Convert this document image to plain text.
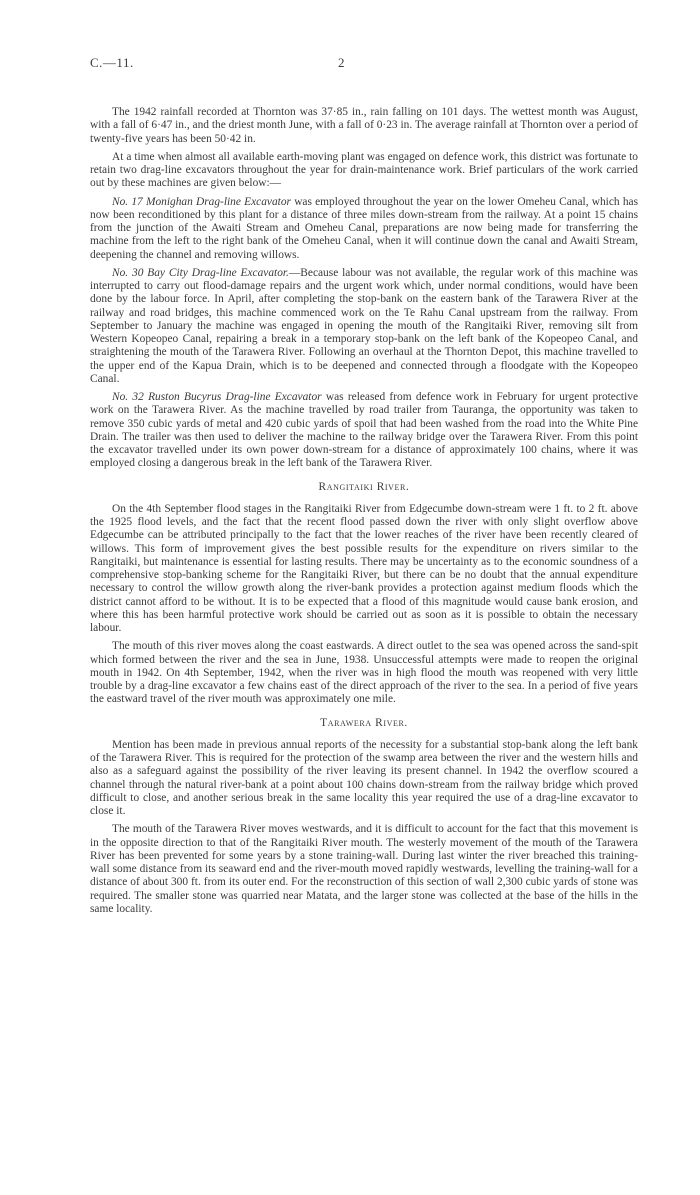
C.—11.	2

The 1942 rainfall recorded at Thornton was 37·85 in., rain falling on 101 days. The wettest month was August, with a fall of 6·47 in., and the driest month June, with a fall of 0·23 in. The average rainfall at Thornton over a period of twenty-five years has been 50·42 in.

At a time when almost all available earth-moving plant was engaged on defence work, this district was fortunate to retain two drag-line excavators throughout the year for drain-maintenance work. Brief particulars of the work carried out by these machines are given below:—

No. 17 Monighan Drag-line Excavator was employed throughout the year on the lower Omeheu Canal, which has now been reconditioned by this plant for a distance of three miles down-stream from the railway. At a point 15 chains from the junction of the Awaiti Stream and Omeheu Canal, preparations are now being made for transferring the machine from the left to the right bank of the Omeheu Canal, when it will continue down the canal and Awaiti Stream, deepening the channel and removing willows.

No. 30 Bay City Drag-line Excavator.—Because labour was not available, the regular work of this machine was interrupted to carry out flood-damage repairs and the urgent work which, under normal conditions, would have been done by the labour force. In April, after completing the stop-bank on the eastern bank of the Tarawera River at the railway and road bridges, this machine commenced work on the Te Rahu Canal upstream from the railway. From September to January the machine was engaged in opening the mouth of the Rangitaiki River, removing silt from Western Kopeopeo Canal, repairing a break in a temporary stop-bank on the left bank of the Kopeopeo Canal, and straightening the mouth of the Tarawera River. Following an overhaul at the Thornton Depot, this machine travelled to the upper end of the Kapua Drain, which is to be deepened and connected through a floodgate with the Kopeopeo Canal.

No. 32 Ruston Bucyrus Drag-line Excavator was released from defence work in February for urgent protective work on the Tarawera River. As the machine travelled by road trailer from Tauranga, the opportunity was taken to remove 350 cubic yards of metal and 420 cubic yards of spoil that had been washed from the road into the White Pine Drain. The trailer was then used to deliver the machine to the railway bridge over the Tarawera River. From this point the excavator travelled under its own power down-stream for a distance of approximately 100 chains, where it was employed closing a dangerous break in the left bank of the Tarawera River.

Rangitaiki River.

On the 4th September flood stages in the Rangitaiki River from Edgecumbe down-stream were 1 ft. to 2 ft. above the 1925 flood levels, and the fact that the recent flood passed down the river with only slight overflow above Edgecumbe can be attributed principally to the fact that the lower reaches of the river have been recently cleared of willows. This form of improvement gives the best possible results for the expenditure on rivers similar to the Rangitaiki, but maintenance is essential for lasting results. There may be uncertainty as to the economic soundness of a comprehensive stop-banking scheme for the Rangitaiki River, but there can be no doubt that the annual expenditure necessary to control the willow growth along the river-bank provides a protection against medium floods which the district cannot afford to be without. It is to be expected that a flood of this magnitude would cause bank erosion, and where this has been harmful protective work should be carried out as soon as it is possible to obtain the necessary labour.

The mouth of this river moves along the coast eastwards. A direct outlet to the sea was opened across the sand-spit which formed between the river and the sea in June, 1938. Unsuccessful attempts were made to reopen the original mouth in 1942. On 4th September, 1942, when the river was in high flood the mouth was reopened with very little trouble by a drag-line excavator a few chains east of the direct approach of the river to the sea. In a period of five years the eastward travel of the river mouth was approximately one mile.

Tarawera River.

Mention has been made in previous annual reports of the necessity for a substantial stop-bank along the left bank of the Tarawera River. This is required for the protection of the swamp area between the river and the western hills and also as a safeguard against the possibility of the river leaving its present channel. In 1942 the overflow scoured a channel through the natural river-bank at a point about 100 chains down-stream from the railway bridge which proved difficult to close, and another serious break in the same locality this year required the use of a drag-line excavator to close it.

The mouth of the Tarawera River moves westwards, and it is difficult to account for the fact that this movement is in the opposite direction to that of the Rangitaiki River mouth. The westerly movement of the mouth of the Tarawera River has been prevented for some years by a stone training-wall. During last winter the river breached this training-wall some distance from its seaward end and the river-mouth moved rapidly westwards, levelling the training-wall for a distance of about 300 ft. from its outer end. For the reconstruction of this section of wall 2,300 cubic yards of stone was required. The smaller stone was quarried near Matata, and the larger stone was collected at the base of the hills in the same locality.
